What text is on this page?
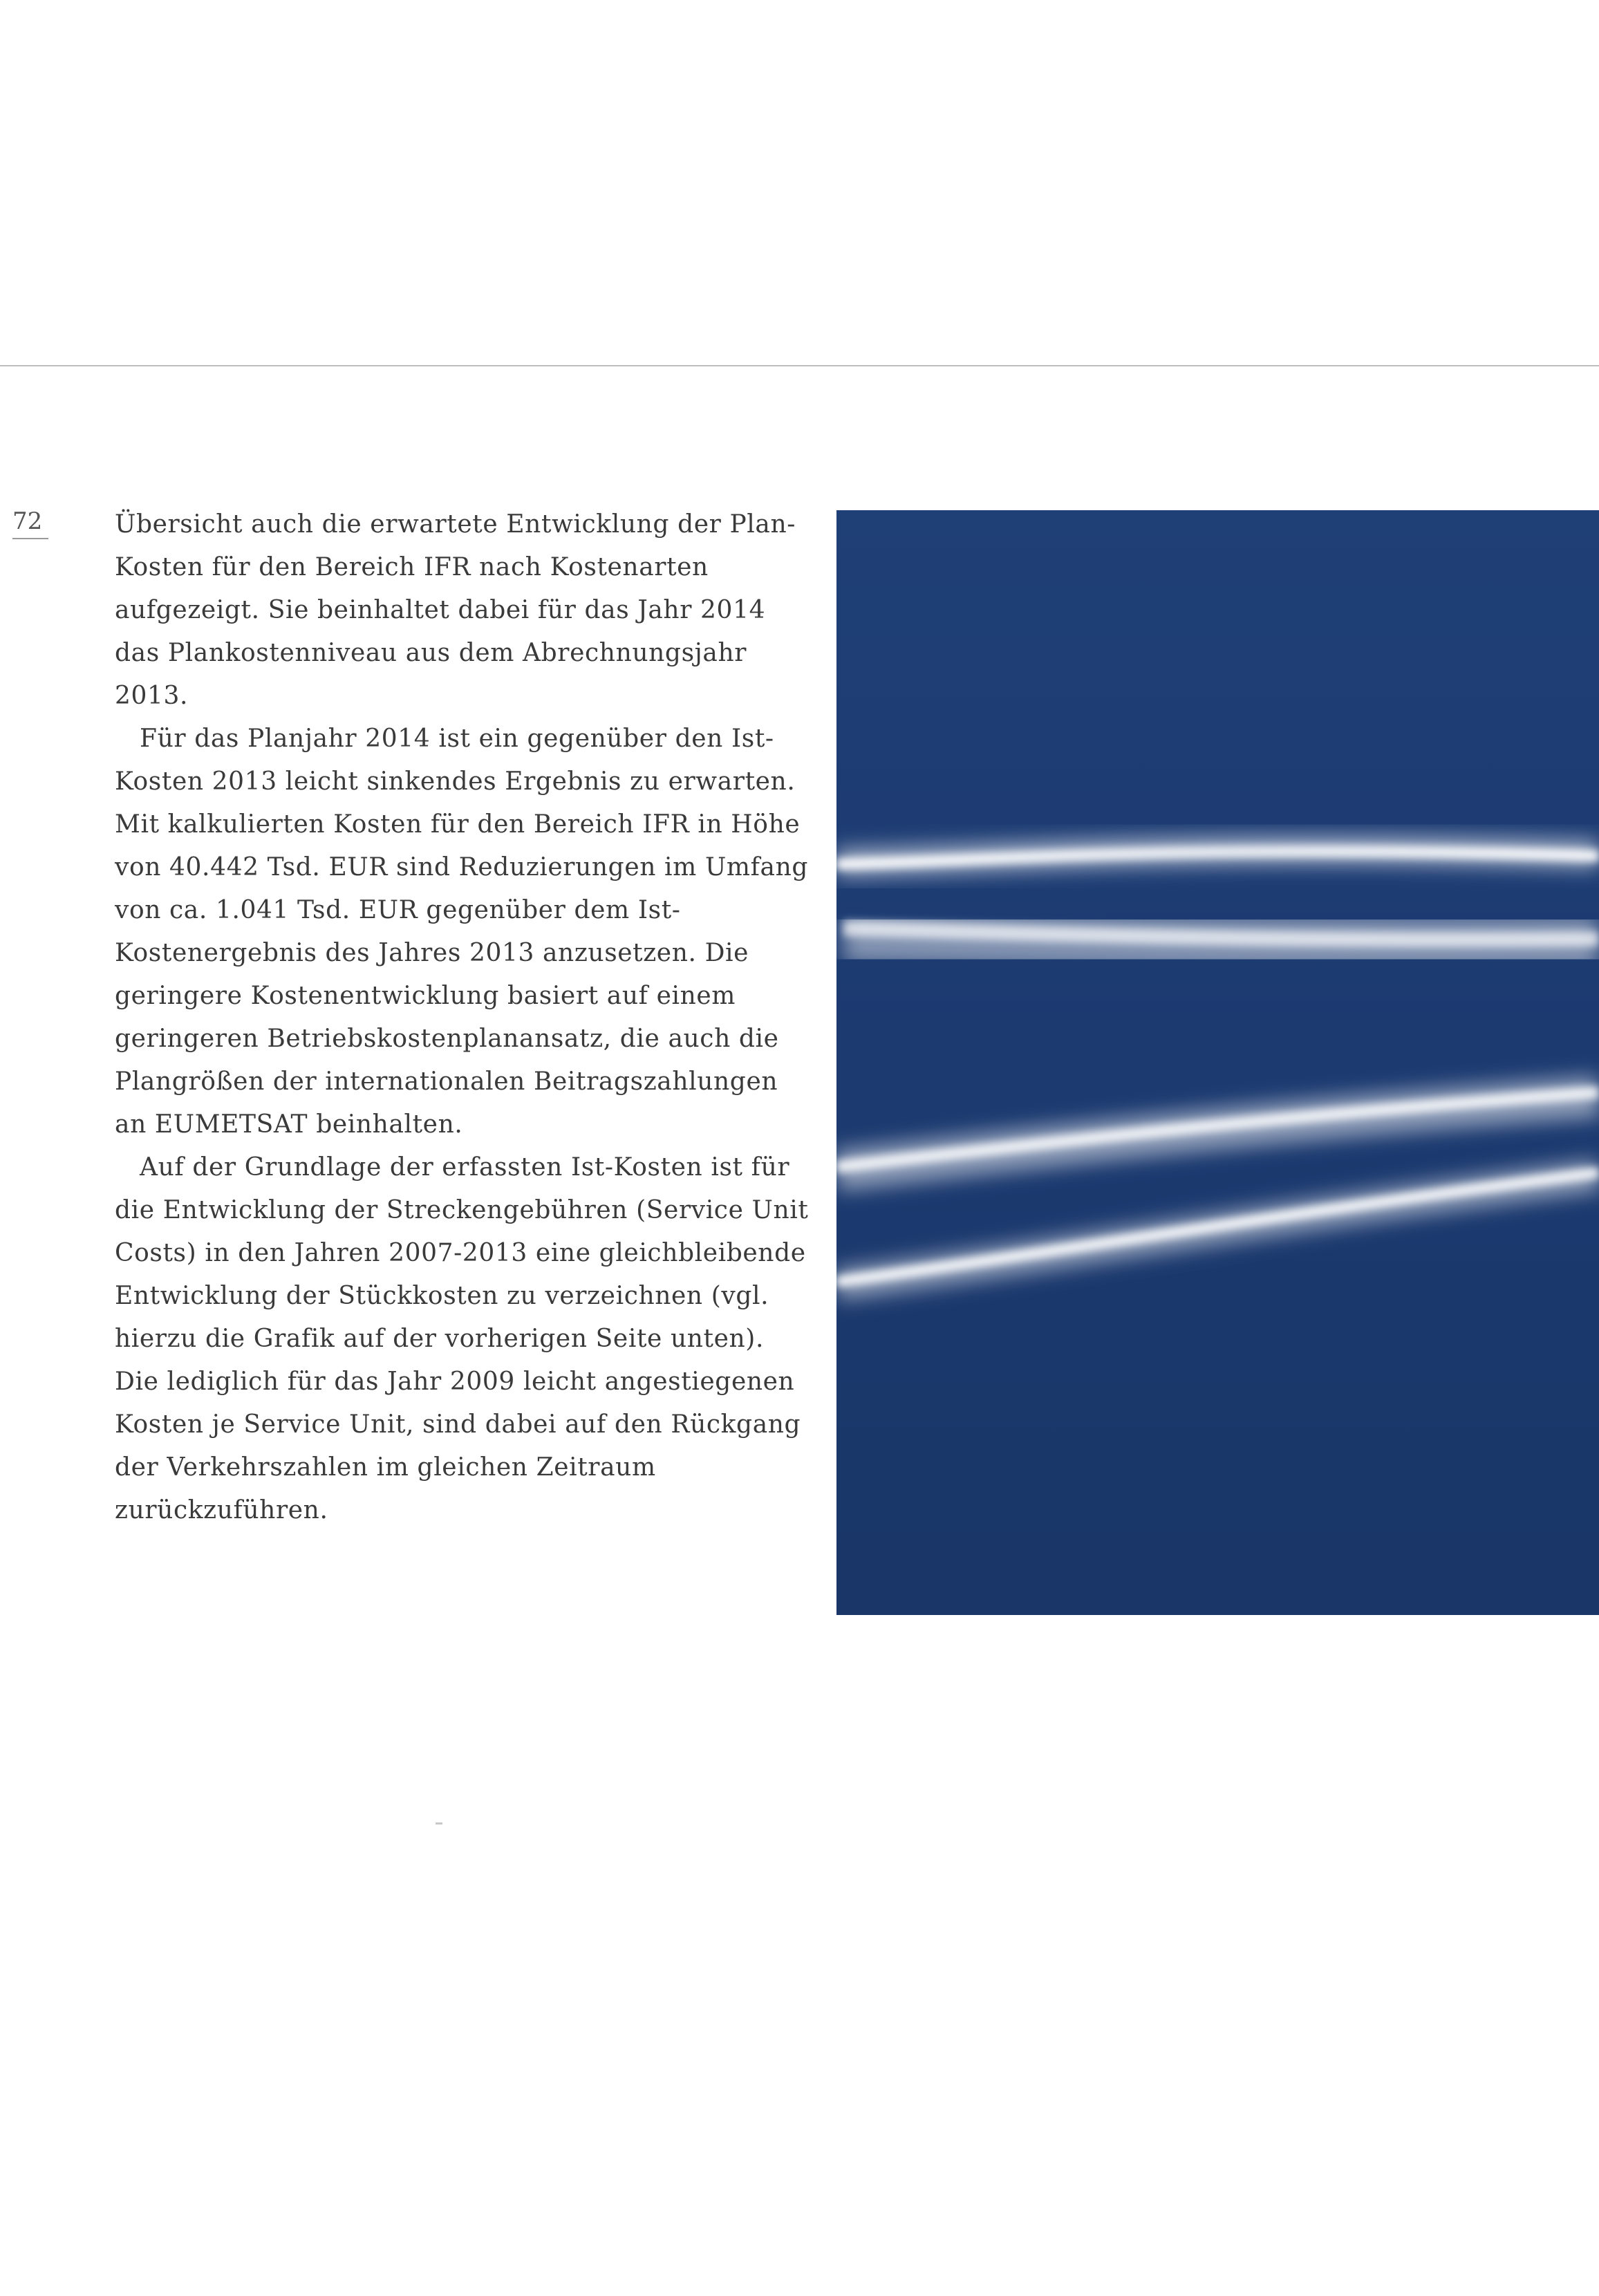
72	Übersicht auch die erwartete Entwicklung der Plan-Kosten für den Bereich IFR nach Kostenarten aufgezeigt. Sie beinhaltet dabei für das Jahr 2014 das Plankostenniveau aus dem Abrechnungsjahr 2013.

Für das Planjahr 2014 ist ein gegenüber den Ist-Kosten 2013 leicht sinkendes Ergebnis zu erwarten. Mit kalkulierten Kosten für den Bereich IFR in Höhe von 40.442 Tsd. EUR sind Reduzierungen im Umfang von ca. 1.041 Tsd. EUR gegenüber dem Ist-Kostenergebnis des Jahres 2013 anzusetzen. Die geringere Kostenentwicklung basiert auf einem geringeren Betriebskostenplanansatz, die auch die Plangrößen der internationalen Beitragszahlungen an EUMETSAT beinhalten.

Auf der Grundlage der erfassten Ist-Kosten ist für die Entwicklung der Streckengebühren (Service Unit Costs) in den Jahren 2007-2013 eine gleichbleibende Entwicklung der Stückkosten zu verzeichnen (vgl. hierzu die Grafik auf der vorherigen Seite unten). Die lediglich für das Jahr 2009 leicht angestiegenen Kosten je Service Unit, sind dabei auf den Rückgang der Verkehrszahlen im gleichen Zeitraum zurückzuführen.
